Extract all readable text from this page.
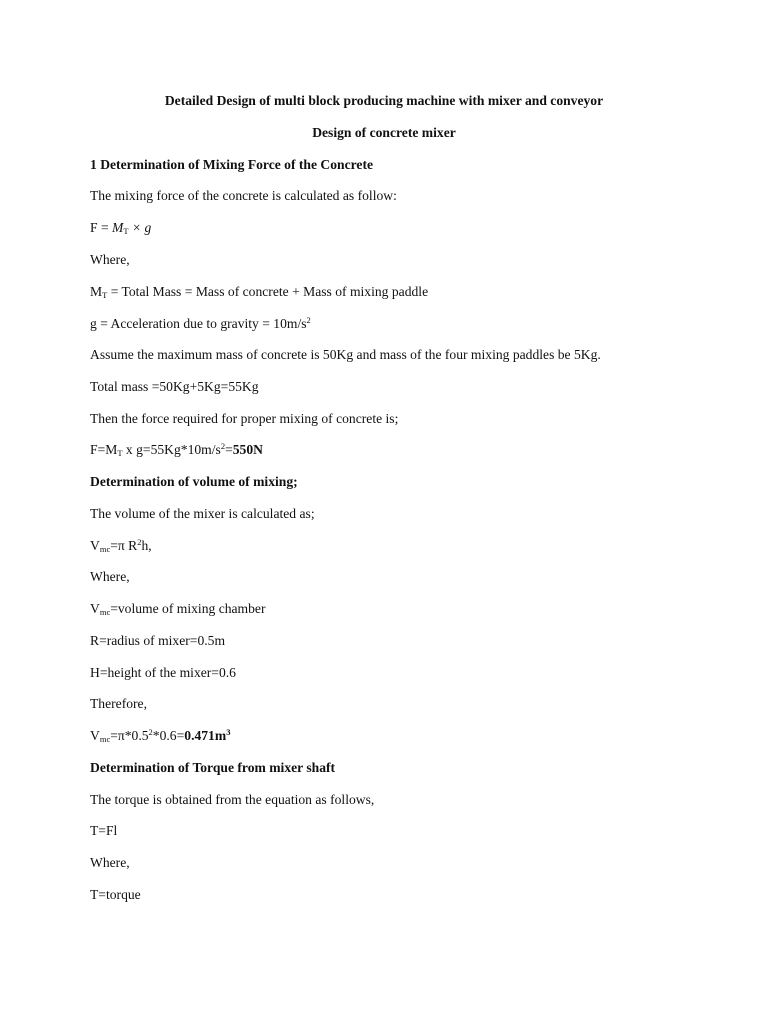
Detailed Design of multi block producing machine with mixer and conveyor
Design of concrete mixer
1 Determination of Mixing Force of the Concrete
The mixing force of the concrete is calculated as follow:
$F = M_T \times g$
Where,
$M_T$ = Total Mass = Mass of concrete + Mass of mixing paddle
g = Acceleration due to gravity = $10m/s^2$
Assume the maximum mass of concrete is 50Kg and mass of the four mixing paddles be 5Kg.
Total mass =50Kg+5Kg=55Kg
Then the force required for proper mixing of concrete is;
$F=M_T$ x $g=55Kg*10m/s^2=550N$
Determination of volume of mixing;
The volume of the mixer is calculated as;
$V_{mc}=\pi$ $R^2h$,
Where,
$V_{mc}=volume$ of mixing chamber
R=radius of mixer=0.5m
H=height of the mixer=0.6
Therefore,
$V_{mc}=\pi*0.5^2*0.6=0.471m^3$
Determination of Torque from mixer shaft
The torque is obtained from the equation as follows,
T=Fl
Where,
T=torque
